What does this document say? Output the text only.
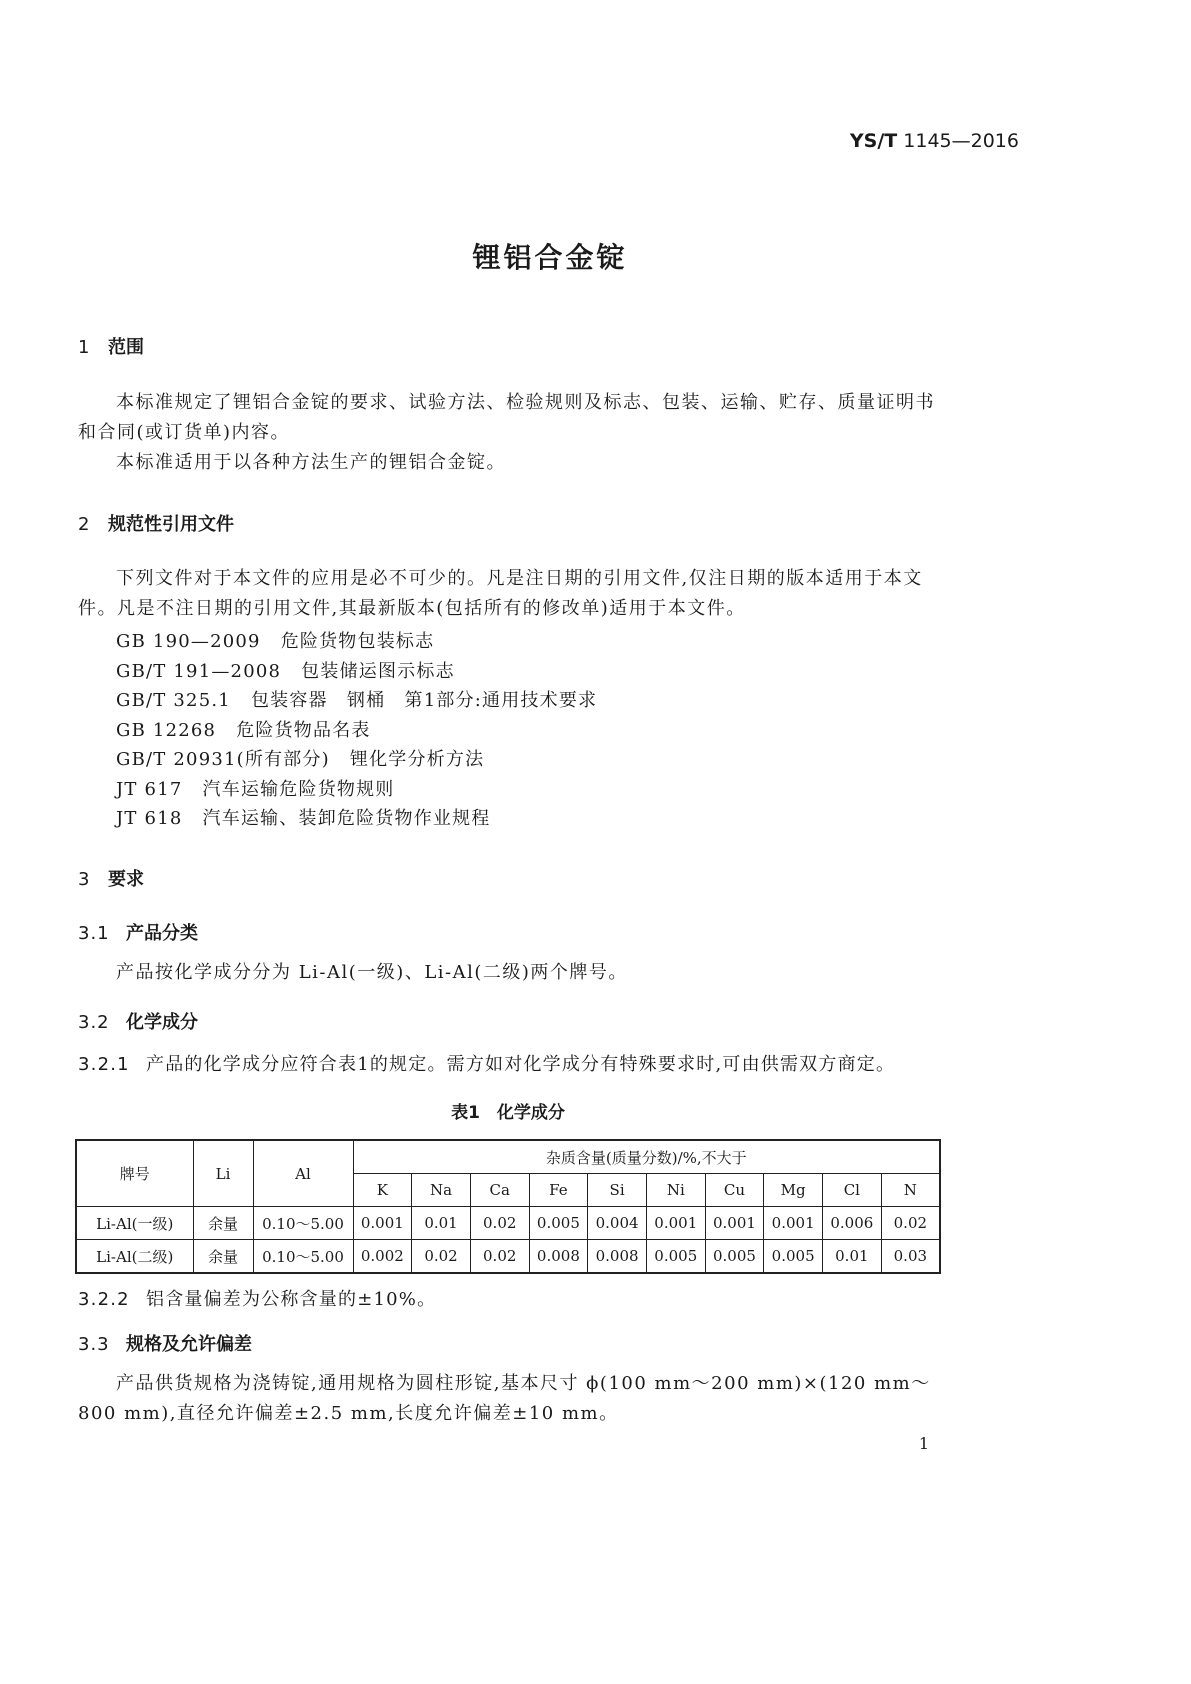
YS/T 1145—2016
锂铝合金锭
1 范围
本标准规定了锂铝合金锭的要求、试验方法、检验规则及标志、包装、运输、贮存、质量证明书和合同(或订货单)内容。
本标准适用于以各种方法生产的锂铝合金锭。
2 规范性引用文件
下列文件对于本文件的应用是必不可少的。凡是注日期的引用文件,仅注日期的版本适用于本文件。凡是不注日期的引用文件,其最新版本(包括所有的修改单)适用于本文件。
GB 190—2009 危险货物包装标志
GB/T 191—2008 包装储运图示标志
GB/T 325.1 包装容器　钢桶　第1部分:通用技术要求
GB 12268 危险货物品名表
GB/T 20931(所有部分) 锂化学分析方法
JT 617 汽车运输危险货物规则
JT 618 汽车运输、装卸危险货物作业规程
3 要求
3.1 产品分类
产品按化学成分分为 Li-Al(一级)、Li-Al(二级)两个牌号。
3.2 化学成分
3.2.1 产品的化学成分应符合表1的规定。需方如对化学成分有特殊要求时,可由供需双方商定。
表1　化学成分
牌号	Li	Al	杂质含量(质量分数)/%,不大于									
			K	Na	Ca	Fe	Si	Ni	Cu	Mg	Cl	N
Li-Al(一级)	余量	0.10～5.00	0.001	0.01	0.02	0.005	0.004	0.001	0.001	0.001	0.006	0.02
Li-Al(二级)	余量	0.10～5.00	0.002	0.02	0.02	0.008	0.008	0.005	0.005	0.005	0.01	0.03
3.2.2 铝含量偏差为公称含量的±10%。
3.3 规格及允许偏差
产品供货规格为浇铸锭,通用规格为圆柱形锭,基本尺寸 ϕ(100 mm～200 mm)×(120 mm～800 mm),直径允许偏差±2.5 mm,长度允许偏差±10 mm。
1
